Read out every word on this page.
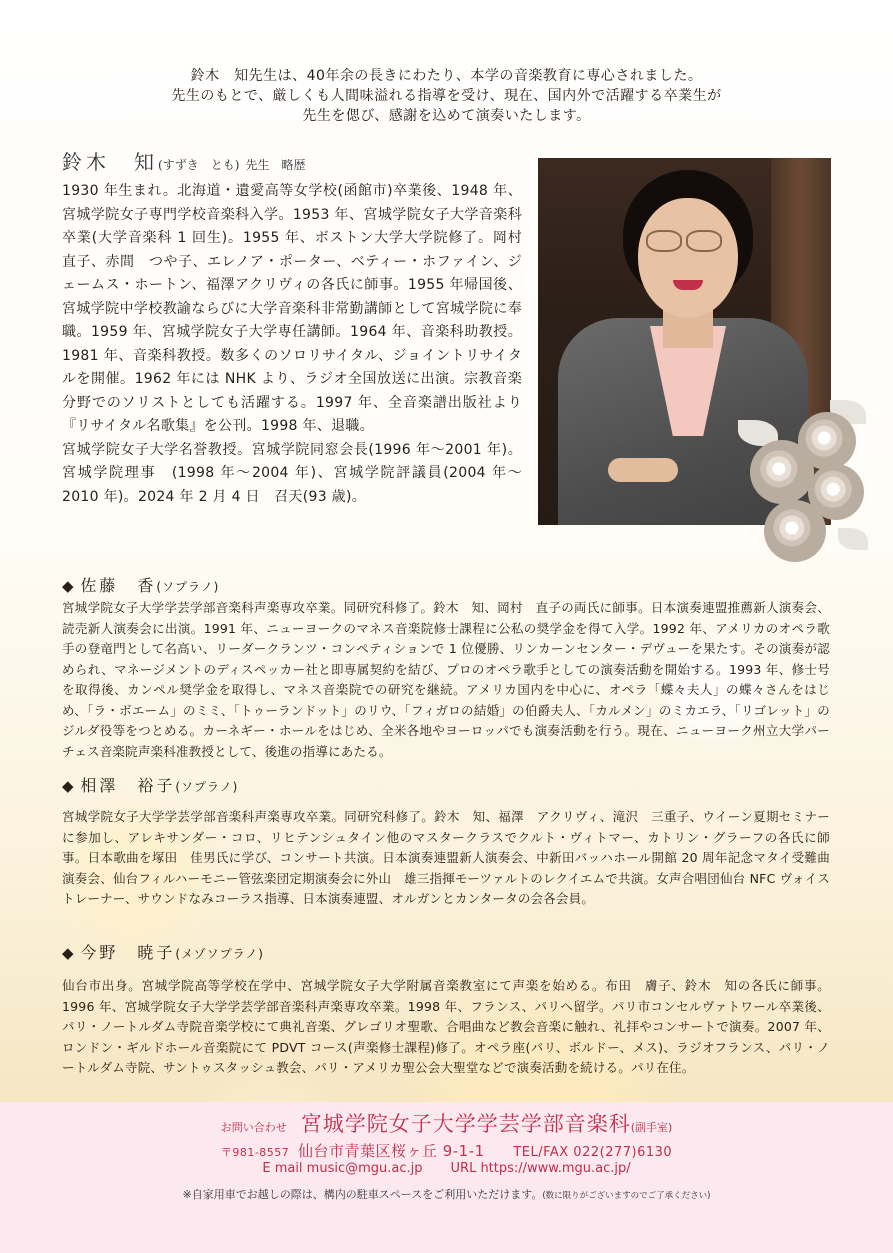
鈴木　知先生は、40年余の長きにわたり、本学の音楽教育に専心されました。
先生のもとで、厳しくも人間味溢れる指導を受け、現在、国内外で活躍する卒業生が
先生を偲び、感謝を込めて演奏いたします。
鈴木　知(すずき　とも) 先生　略歴
1930 年生まれ。北海道・遺愛高等女学校(函館市)卒業後、1948 年、宮城学院女子専門学校音楽科入学。1953 年、宮城学院女子大学音楽科卒業(大学音楽科 1 回生)。1955 年、ボストン大学大学院修了。岡村　直子、赤間　つや子、エレノア・ポーター、ベティー・ホファイン、ジェームス・ホートン、福澤アクリヴィの各氏に師事。1955 年帰国後、宮城学院中学校教諭ならびに大学音楽科非常勤講師として宮城学院に奉職。1959 年、宮城学院女子大学専任講師。1964 年、音楽科助教授。1981 年、音楽科教授。数多くのソロリサイタル、ジョイントリサイタルを開催。1962 年には NHK より、ラジオ全国放送に出演。宗教音楽分野でのソリストとしても活躍する。1997 年、全音楽譜出版社より『リサイタル名歌集』を公刊。1998 年、退職。
宮城学院女子大学名誉教授。宮城学院同窓会長(1996 年〜2001 年)。宮城学院理事　(1998 年〜2004 年)、宮城学院評議員(2004 年〜2010 年)。2024 年 2 月 4 日　召天(93 歳)。
◆ 佐藤　香(ソプラノ)
宮城学院女子大学学芸学部音楽科声楽専攻卒業。同研究科修了。鈴木　知、岡村　直子の両氏に師事。日本演奏連盟推薦新人演奏会、読売新人演奏会に出演。1991 年、ニューヨークのマネス音楽院修士課程に公私の奨学金を得て入学。1992 年、アメリカのオペラ歌手の登竜門として名高い、リーダークランツ・コンペティションで 1 位優勝、リンカーンセンター・デヴューを果たす。その演奏が認められ、マネージメントのディスペッカー社と即専属契約を結び、プロのオペラ歌手としての演奏活動を開始する。1993 年、修士号を取得後、カンペル奨学金を取得し、マネス音楽院での研究を継続。アメリカ国内を中心に、オペラ「蝶々夫人」の蝶々さんをはじめ、「ラ・ボエーム」のミミ、「トゥーランドット」のリウ、「フィガロの結婚」の伯爵夫人、「カルメン」のミカエラ、「リゴレット」のジルダ役等をつとめる。カーネギー・ホールをはじめ、全米各地やヨーロッパでも演奏活動を行う。現在、ニューヨーク州立大学パーチェス音楽院声楽科准教授として、後進の指導にあたる。
◆ 相澤　裕子(ソプラノ)
宮城学院女子大学学芸学部音楽科声楽専攻卒業。同研究科修了。鈴木　知、福澤　アクリヴィ、滝沢　三重子、ウイーン夏期セミナーに参加し、アレキサンダー・コロ、リヒテンシュタイン他のマスタークラスでクルト・ヴィトマー、カトリン・グラーフの各氏に師事。日本歌曲を塚田　佳男氏に学び、コンサート共演。日本演奏連盟新人演奏会、中新田バッハホール開館 20 周年記念マタイ受難曲演奏会、仙台フィルハーモニー管弦楽団定期演奏会に外山　雄三指揮モーツァルトのレクイエムで共演。女声合唱団仙台 NFC ヴォイストレーナー、サウンドなみコーラス指導、日本演奏連盟、オルガンとカンタータの会各会員。
◆ 今野　暁子(メゾソプラノ)
仙台市出身。宮城学院高等学校在学中、宮城学院女子大学附属音楽教室にて声楽を始める。布田　膚子、鈴木　知の各氏に師事。1996 年、宮城学院女子大学学芸学部音楽科声楽専攻卒業。1998 年、フランス、パリへ留学。パリ市コンセルヴァトワール卒業後、パリ・ノートルダム寺院音楽学校にて典礼音楽、グレゴリオ聖歌、合唱曲など教会音楽に触れ、礼拝やコンサートで演奏。2007 年、ロンドン・ギルドホール音楽院にて PDVT コース(声楽修士課程)修了。オペラ座(パリ、ボルドー、メス)、ラジオフランス、パリ・ノートルダム寺院、サントゥスタッシュ教会、パリ・アメリカ聖公会大聖堂などで演奏活動を続ける。パリ在住。
お問い合わせ 宮城学院女子大学学芸学部音楽科(副手室)
〒981-8557 仙台市青葉区桜ヶ丘 9-1-1 TEL/FAX 022(277)6130
E mail music@mgu.ac.jp URL https://www.mgu.ac.jp/
※自家用車でお越しの際は、構内の駐車スペースをご利用いただけます。(数に限りがございますのでご了承ください)
